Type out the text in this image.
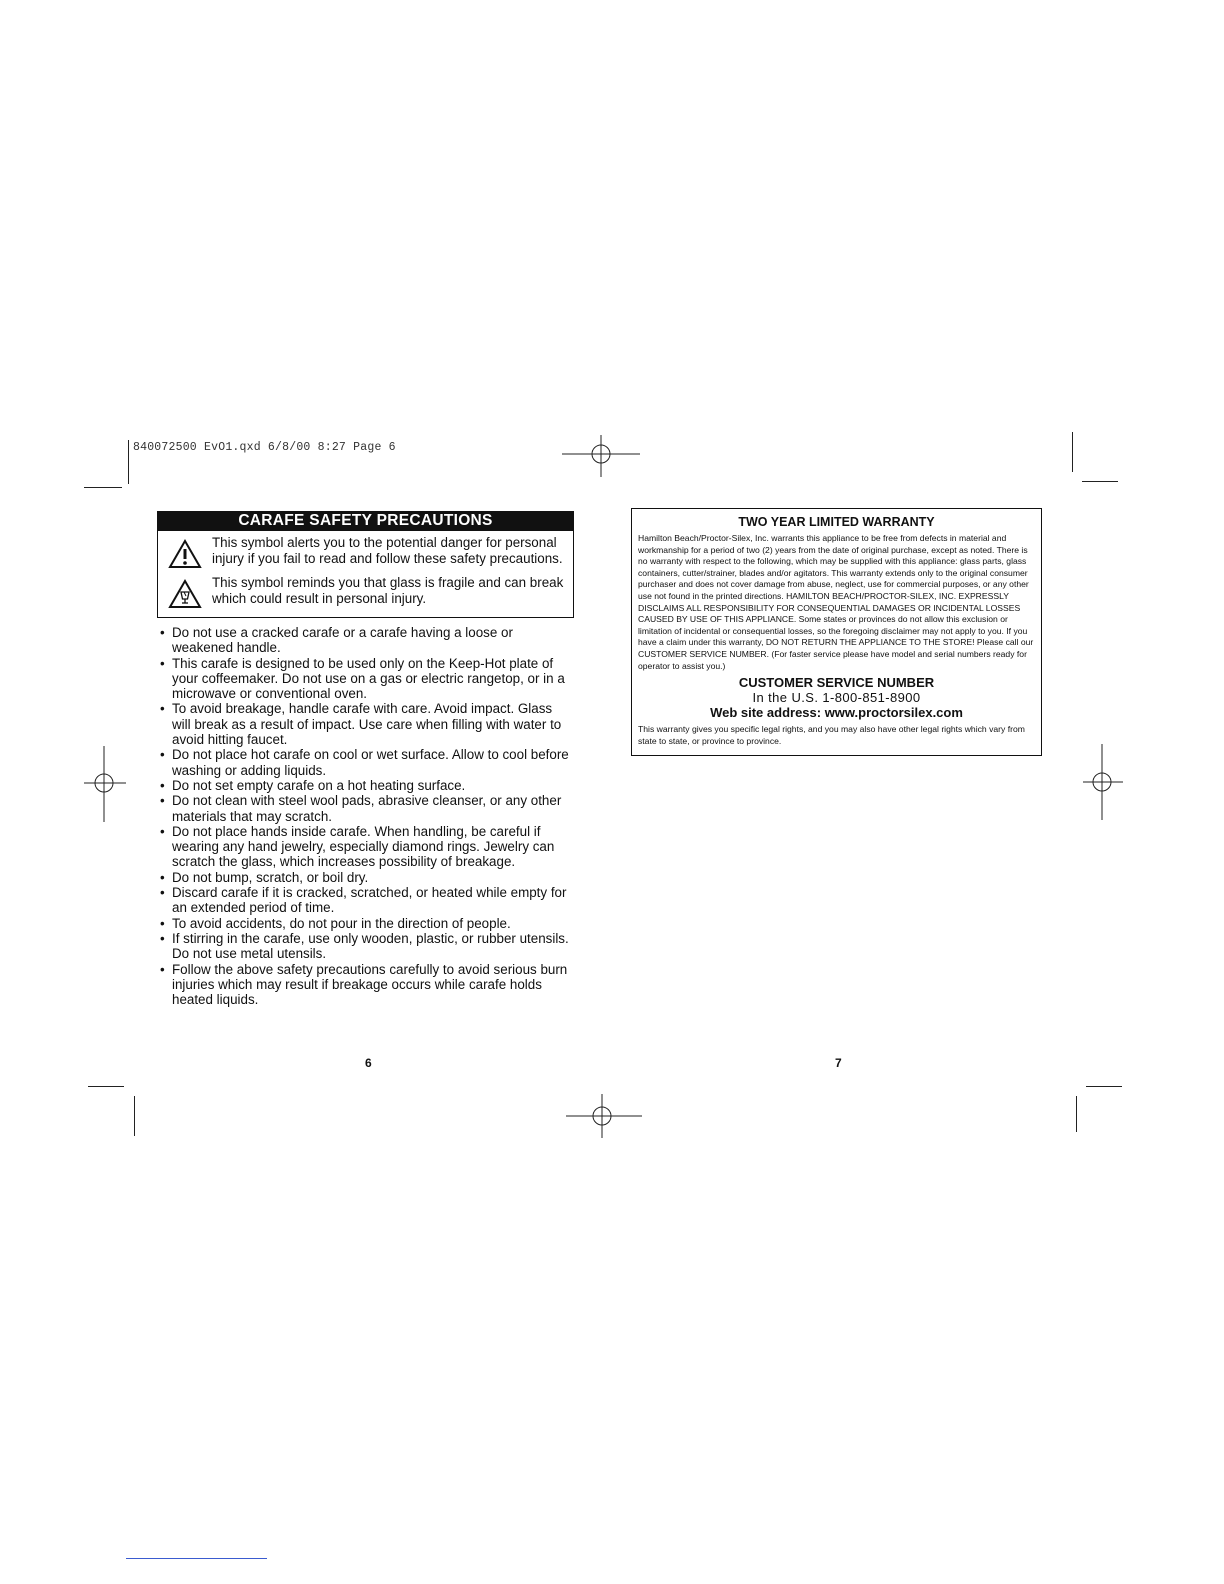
840072500 EvO1.qxd 6/8/00 8:27 Page 6
CARAFE SAFETY PRECAUTIONS
This symbol alerts you to the potential danger for personal injury if you fail to read and follow these safety precautions.
This symbol reminds you that glass is fragile and can break which could result in personal injury.
• Do not use a cracked carafe or a carafe having a loose or weakened handle.
• This carafe is designed to be used only on the Keep-Hot plate of your coffeemaker. Do not use on a gas or electric rangetop, or in a microwave or conventional oven.
• To avoid breakage, handle carafe with care. Avoid impact. Glass will break as a result of impact. Use care when filling with water to avoid hitting faucet.
• Do not place hot carafe on cool or wet surface. Allow to cool before washing or adding liquids.
• Do not set empty carafe on a hot heating surface.
• Do not clean with steel wool pads, abrasive cleanser, or any other materials that may scratch.
• Do not place hands inside carafe. When handling, be careful if wearing any hand jewelry, especially diamond rings. Jewelry can scratch the glass, which increases possibility of breakage.
• Do not bump, scratch, or boil dry.
• Discard carafe if it is cracked, scratched, or heated while empty for an extended period of time.
• To avoid accidents, do not pour in the direction of people.
• If stirring in the carafe, use only wooden, plastic, or rubber utensils. Do not use metal utensils.
• Follow the above safety precautions carefully to avoid serious burn injuries which may result if breakage occurs while carafe holds heated liquids.
6
TWO YEAR LIMITED WARRANTY
Hamilton Beach/Proctor-Silex, Inc. warrants this appliance to be free from defects in material and workmanship for a period of two (2) years from the date of original purchase, except as noted. There is no warranty with respect to the following, which may be supplied with this appliance: glass parts, glass containers, cutter/strainer, blades and/or agitators. This warranty extends only to the original consumer purchaser and does not cover damage from abuse, neglect, use for commercial purposes, or any other use not found in the printed directions. HAMILTON BEACH/PROCTOR-SILEX, INC. EXPRESSLY DISCLAIMS ALL RESPONSIBILITY FOR CONSEQUENTIAL DAMAGES OR INCIDENTAL LOSSES CAUSED BY USE OF THIS APPLIANCE. Some states or provinces do not allow this exclusion or limitation of incidental or consequential losses, so the foregoing disclaimer may not apply to you. If you have a claim under this warranty, DO NOT RETURN THE APPLIANCE TO THE STORE! Please call our CUSTOMER SERVICE NUMBER. (For faster service please have model and serial numbers ready for operator to assist you.)
CUSTOMER SERVICE NUMBER
In the U.S. 1-800-851-8900
Web site address: www.proctorsilex.com
This warranty gives you specific legal rights, and you may also have other legal rights which vary from state to state, or province to province.
7
